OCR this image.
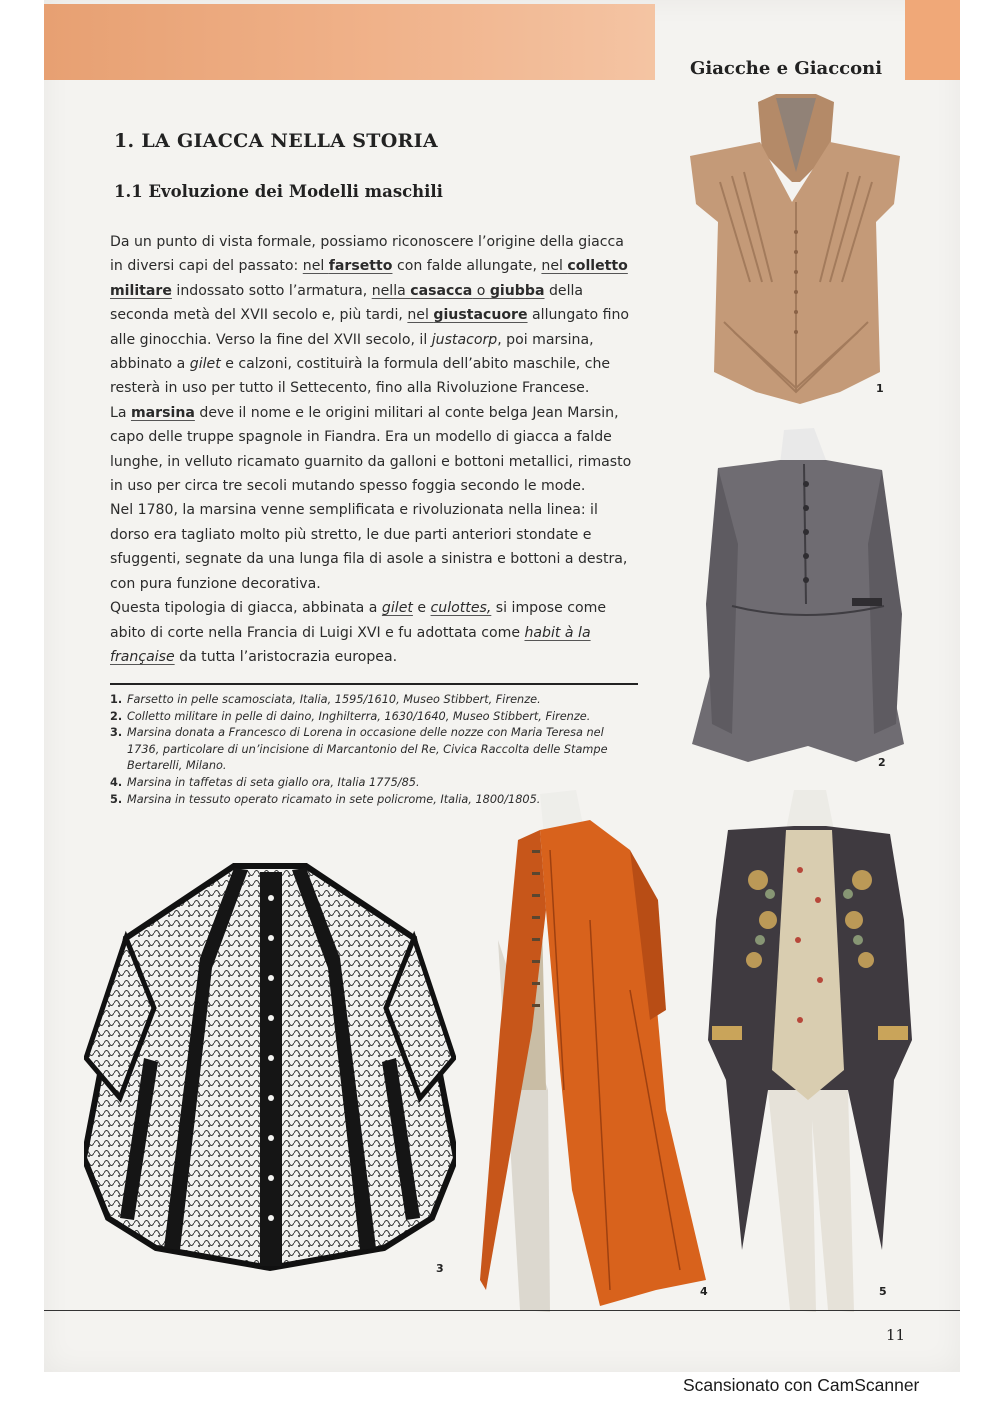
Giacche e Giacconi
1. LA GIACCA NELLA STORIA
1.1 Evoluzione dei Modelli maschili

Da un punto di vista formale, possiamo riconoscere l’origine della giacca in diversi capi del passato: nel farsetto con falde allungate, nel colletto militare indossato sotto l’armatura, nella casacca o giubba della seconda metà del XVII secolo e, più tardi, nel giustacuore allungato fino alle ginocchia. Verso la fine del XVII secolo, il justacorp, poi marsina, abbinato a gilet e calzoni, costituirà la formula dell’abito maschile, che resterà in uso per tutto il Settecento, fino alla Rivoluzione Francese.

La marsina deve il nome e le origini militari al conte belga Jean Marsin, capo delle truppe spagnole in Fiandra. Era un modello di giacca a falde lunghe, in velluto ricamato guarnito da galloni e bottoni metallici, rimasto in uso per circa tre secoli mutando spesso foggia secondo le mode.

Nel 1780, la marsina venne semplificata e rivoluzionata nella linea: il dorso era tagliato molto più stretto, le due parti anteriori stondate e sfuggenti, segnate da una lunga fila di asole a sinistra e bottoni a destra, con pura funzione decorativa.

Questa tipologia di giacca, abbinata a gilet e culottes, si impose come abito di corte nella Francia di Luigi XVI e fu adottata come habit à la française da tutta l’aristocrazia europea.

1. Farsetto in pelle scamosciata, Italia, 1595/1610, Museo Stibbert, Firenze.
2. Colletto militare in pelle di daino, Inghilterra, 1630/1640, Museo Stibbert, Firenze.
3. Marsina donata a Francesco di Lorena in occasione delle nozze con Maria Teresa nel 1736, particolare di un’incisione di Marcantonio del Re, Civica Raccolta delle Stampe Bertarelli, Milano.
4. Marsina in taffetas di seta giallo ora, Italia 1775/85.
5. Marsina in tessuto operato ricamato in sete policrome, Italia, 1800/1805.
1
2
3
4	5
11
Scansionato con CamScanner
